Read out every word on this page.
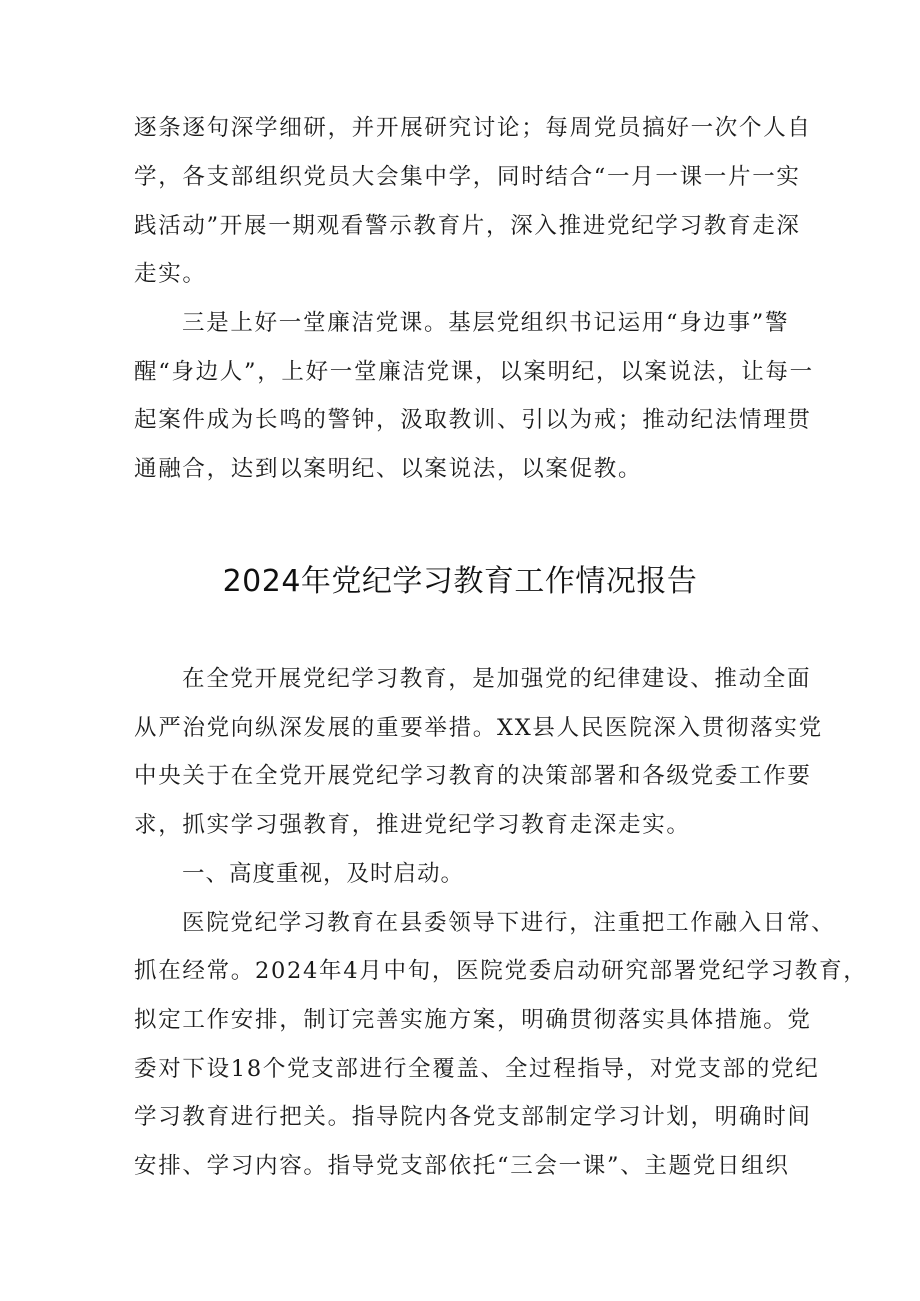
逐条逐句深学细研，并开展研究讨论；每周党员搞好一次个人自
学，各支部组织党员大会集中学，同时结合“一月一课一片一实
践活动”开展一期观看警示教育片，深入推进党纪学习教育走深
走实。
三是上好一堂廉洁党课。基层党组织书记运用“身边事”警
醒“身边人”，上好一堂廉洁党课，以案明纪，以案说法，让每一
起案件成为长鸣的警钟，汲取教训、引以为戒；推动纪法情理贯
通融合，达到以案明纪、以案说法，以案促教。
2024年党纪学习教育工作情况报告
在全党开展党纪学习教育，是加强党的纪律建设、推动全面
从严治党向纵深发展的重要举措。XX县人民医院深入贯彻落实党
中央关于在全党开展党纪学习教育的决策部署和各级党委工作要
求，抓实学习强教育，推进党纪学习教育走深走实。
一、高度重视，及时启动。
医院党纪学习教育在县委领导下进行，注重把工作融入日常、
抓在经常。2024年4月中旬，医院党委启动研究部署党纪学习教育，
拟定工作安排，制订完善实施方案，明确贯彻落实具体措施。党
委对下设18个党支部进行全覆盖、全过程指导，对党支部的党纪
学习教育进行把关。指导院内各党支部制定学习计划，明确时间
安排、学习内容。指导党支部依托“三会一课”、主题党日组织
